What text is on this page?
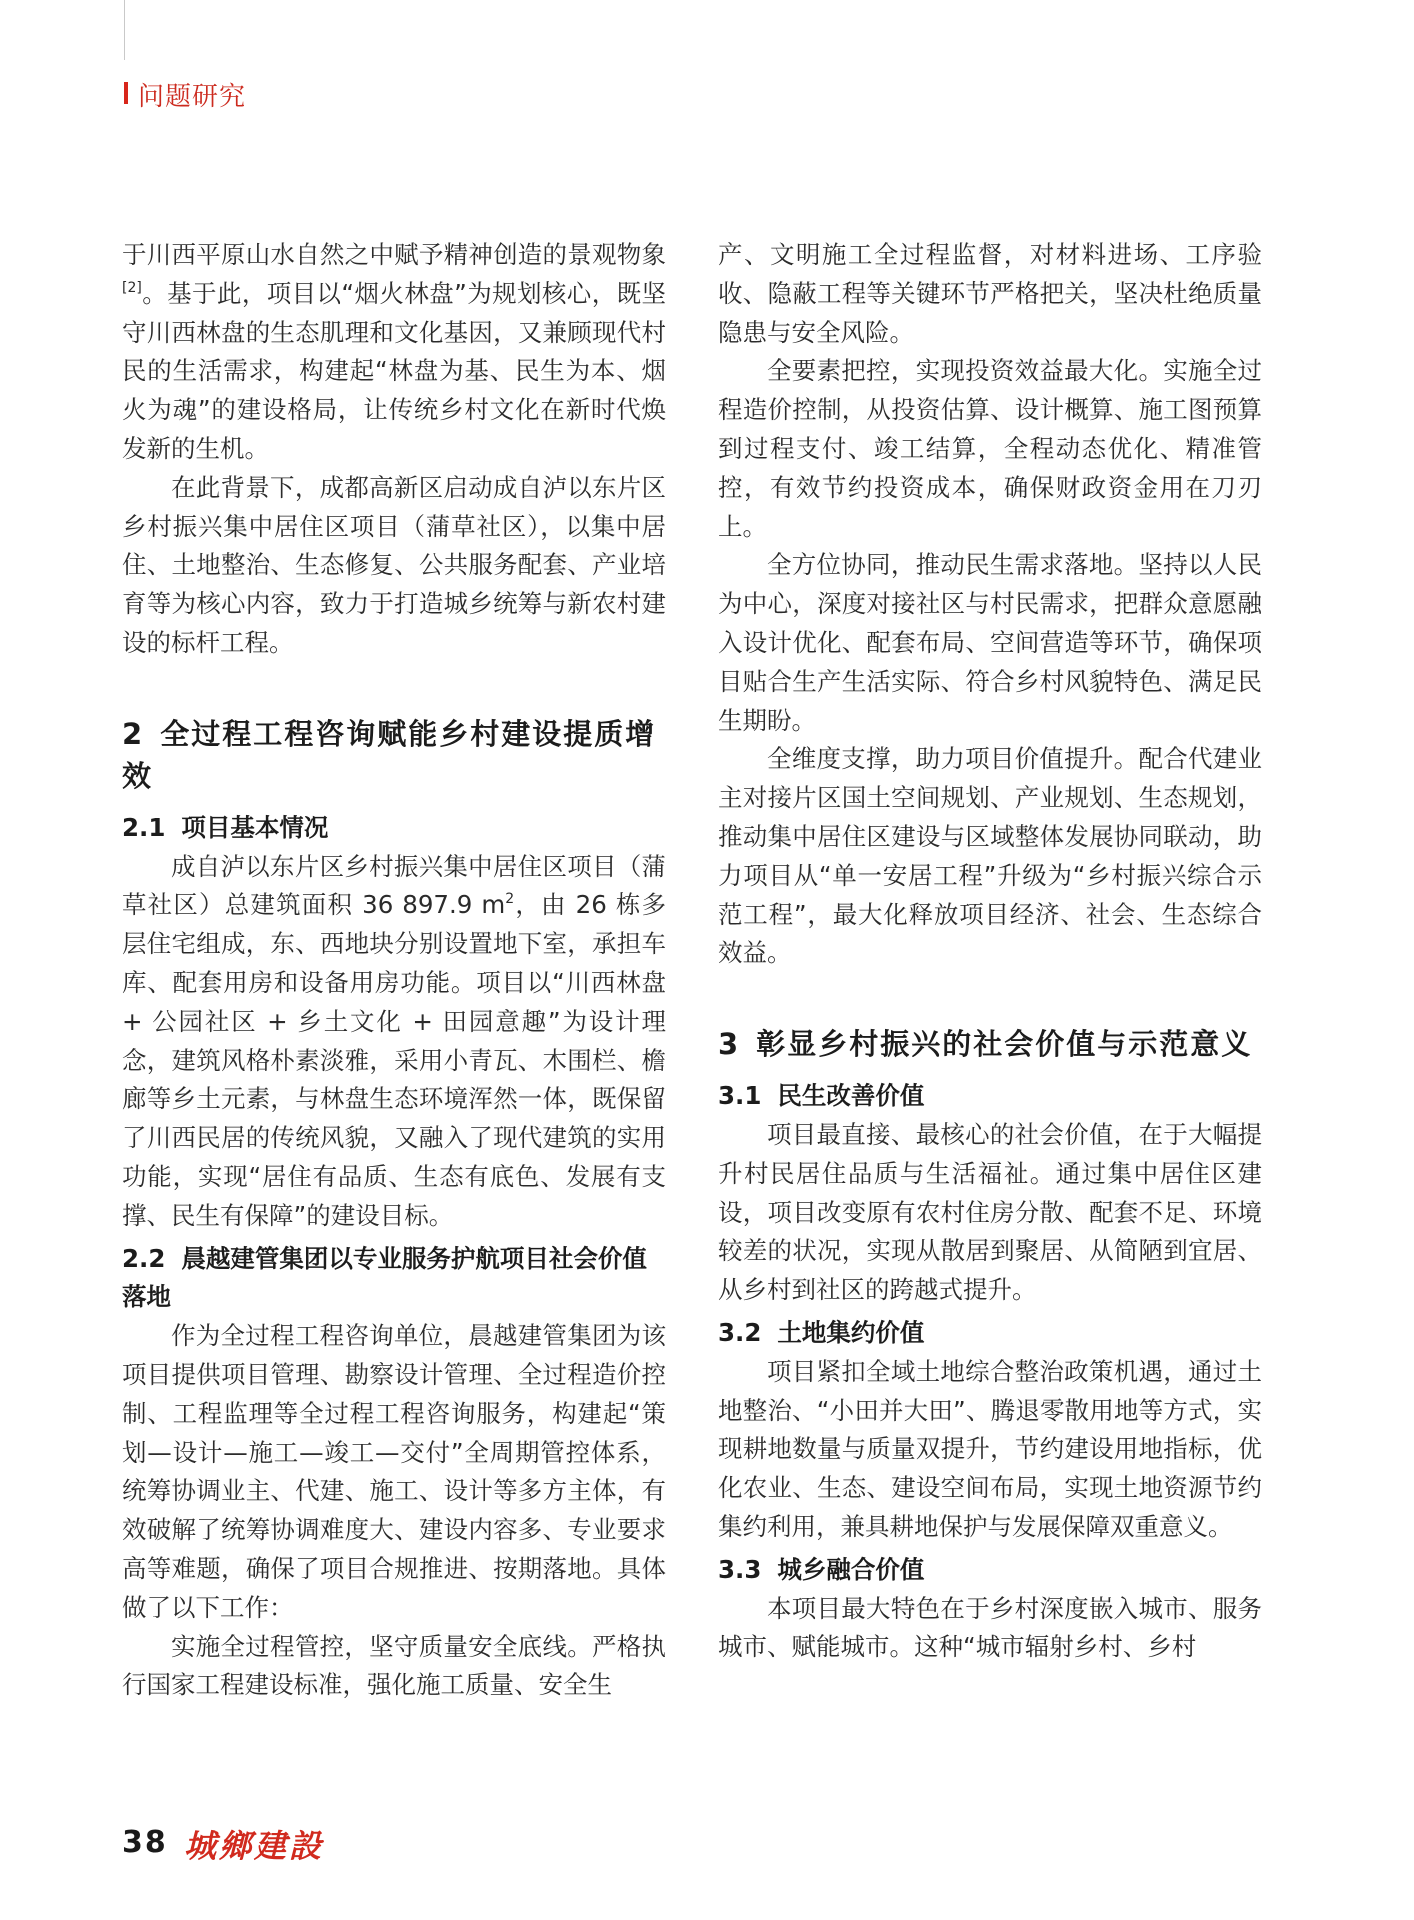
问题研究

于川西平原山水自然之中赋予精神创造的景观物象[2]。基于此，项目以“烟火林盘”为规划核心，既坚守川西林盘的生态肌理和文化基因，又兼顾现代村民的生活需求，构建起“林盘为基、民生为本、烟火为魂”的建设格局，让传统乡村文化在新时代焕发新的生机。

在此背景下，成都高新区启动成自泸以东片区乡村振兴集中居住区项目（蒲草社区），以集中居住、土地整治、生态修复、公共服务配套、产业培育等为核心内容，致力于打造城乡统筹与新农村建设的标杆工程。

2 全过程工程咨询赋能乡村建设提质增效
2.1 项目基本情况

成自泸以东片区乡村振兴集中居住区项目（蒲草社区）总建筑面积 36 897.9 $m^2$，由 26 栋多层住宅组成，东、西地块分别设置地下室，承担车库、配套用房和设备用房功能。项目以“川西林盘 + 公园社区 + 乡土文化 + 田园意趣”为设计理念，建筑风格朴素淡雅，采用小青瓦、木围栏、檐廊等乡土元素，与林盘生态环境浑然一体，既保留了川西民居的传统风貌，又融入了现代建筑的实用功能，实现“居住有品质、生态有底色、发展有支撑、民生有保障”的建设目标。

2.2 晨越建管集团以专业服务护航项目社会价值落地

作为全过程工程咨询单位，晨越建管集团为该项目提供项目管理、勘察设计管理、全过程造价控制、工程监理等全过程工程咨询服务，构建起“策划—设计—施工—竣工—交付”全周期管控体系，统筹协调业主、代建、施工、设计等多方主体，有效破解了统筹协调难度大、建设内容多、专业要求高等难题，确保了项目合规推进、按期落地。具体做了以下工作：

实施全过程管控，坚守质量安全底线。严格执行国家工程建设标准，强化施工质量、安全生

产、文明施工全过程监督，对材料进场、工序验收、隐蔽工程等关键环节严格把关，坚决杜绝质量隐患与安全风险。

全要素把控，实现投资效益最大化。实施全过程造价控制，从投资估算、设计概算、施工图预算到过程支付、竣工结算，全程动态优化、精准管控，有效节约投资成本，确保财政资金用在刀刃上。

全方位协同，推动民生需求落地。坚持以人民为中心，深度对接社区与村民需求，把群众意愿融入设计优化、配套布局、空间营造等环节，确保项目贴合生产生活实际、符合乡村风貌特色、满足民生期盼。

全维度支撑，助力项目价值提升。配合代建业主对接片区国土空间规划、产业规划、生态规划，推动集中居住区建设与区域整体发展协同联动，助力项目从“单一安居工程”升级为“乡村振兴综合示范工程”，最大化释放项目经济、社会、生态综合效益。

3 彰显乡村振兴的社会价值与示范意义
3.1 民生改善价值

项目最直接、最核心的社会价值，在于大幅提升村民居住品质与生活福祉。通过集中居住区建设，项目改变原有农村住房分散、配套不足、环境较差的状况，实现从散居到聚居、从简陋到宜居、从乡村到社区的跨越式提升。

3.2 土地集约价值

项目紧扣全域土地综合整治政策机遇，通过土地整治、“小田并大田”、腾退零散用地等方式，实现耕地数量与质量双提升，节约建设用地指标，优化农业、生态、建设空间布局，实现土地资源节约集约利用，兼具耕地保护与发展保障双重意义。

3.3 城乡融合价值

本项目最大特色在于乡村深度嵌入城市、服务城市、赋能城市。这种“城市辐射乡村、乡村

38 城鄉建設
